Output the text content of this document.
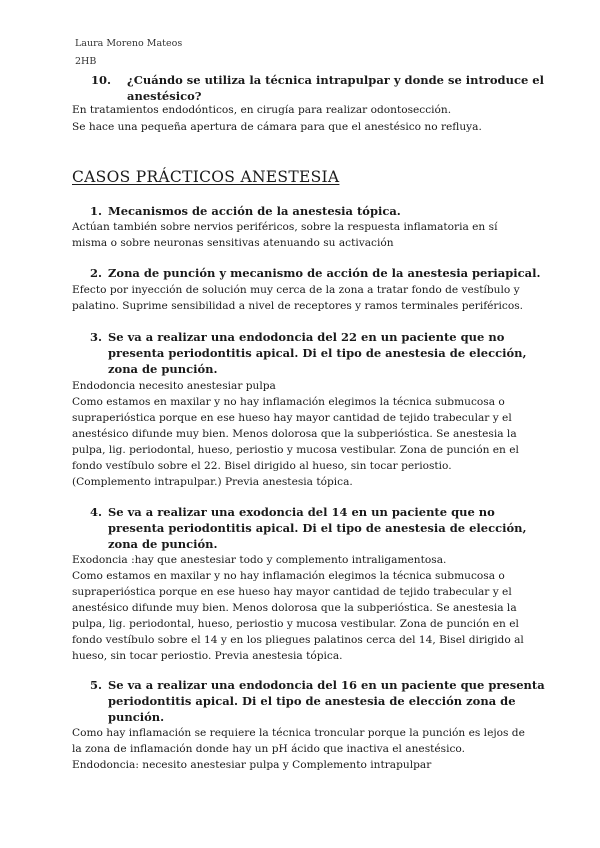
Laura Moreno Mateos
2HB
10. ¿Cuándo se utiliza la técnica intrapulpar y donde se introduce el
anestésico?
En tratamientos endodónticos, en cirugía para realizar odontosección.
Se hace una pequeña apertura de cámara para que el anestésico no refluya.
CASOS PRÁCTICOS ANESTESIA
1. Mecanismos de acción de la anestesia tópica.
Actúan también sobre nervios periféricos, sobre la respuesta inflamatoria en sí
misma o sobre neuronas sensitivas atenuando su activación
2. Zona de punción y mecanismo de acción de la anestesia periapical.
Efecto por inyección de solución muy cerca de la zona a tratar fondo de vestíbulo y
palatino. Suprime sensibilidad a nivel de receptores y ramos terminales periféricos.
3. Se va a realizar una endodoncia del 22 en un paciente que no
presenta periodontitis apical. Di el tipo de anestesia de elección,
zona de punción.
Endodoncia necesito anestesiar pulpa
Como estamos en maxilar y no hay inflamación elegimos la técnica submucosa o
supraperióstica porque en ese hueso hay mayor cantidad de tejido trabecular y el
anestésico difunde muy bien. Menos dolorosa que la subperióstica. Se anestesia la
pulpa, lig. periodontal, hueso, periostio y mucosa vestibular. Zona de punción en el
fondo vestíbulo sobre el 22. Bisel dirigido al hueso, sin tocar periostio.
(Complemento intrapulpar.) Previa anestesia tópica.
4. Se va a realizar una exodoncia del 14 en un paciente que no
presenta periodontitis apical. Di el tipo de anestesia de elección,
zona de punción.
Exodoncia :hay que anestesiar todo y complemento intraligamentosa.
Como estamos en maxilar y no hay inflamación elegimos la técnica submucosa o
supraperióstica porque en ese hueso hay mayor cantidad de tejido trabecular y el
anestésico difunde muy bien. Menos dolorosa que la subperióstica. Se anestesia la
pulpa, lig. periodontal, hueso, periostio y mucosa vestibular. Zona de punción en el
fondo vestíbulo sobre el 14 y en los pliegues palatinos cerca del 14, Bisel dirigido al
hueso, sin tocar periostio. Previa anestesia tópica.
5. Se va a realizar una endodoncia del 16 en un paciente que presenta
periodontitis apical. Di el tipo de anestesia de elección zona de
punción.
Como hay inflamación se requiere la técnica troncular porque la punción es lejos de
la zona de inflamación donde hay un pH ácido que inactiva el anestésico.
Endodoncia: necesito anestesiar pulpa y Complemento intrapulpar
